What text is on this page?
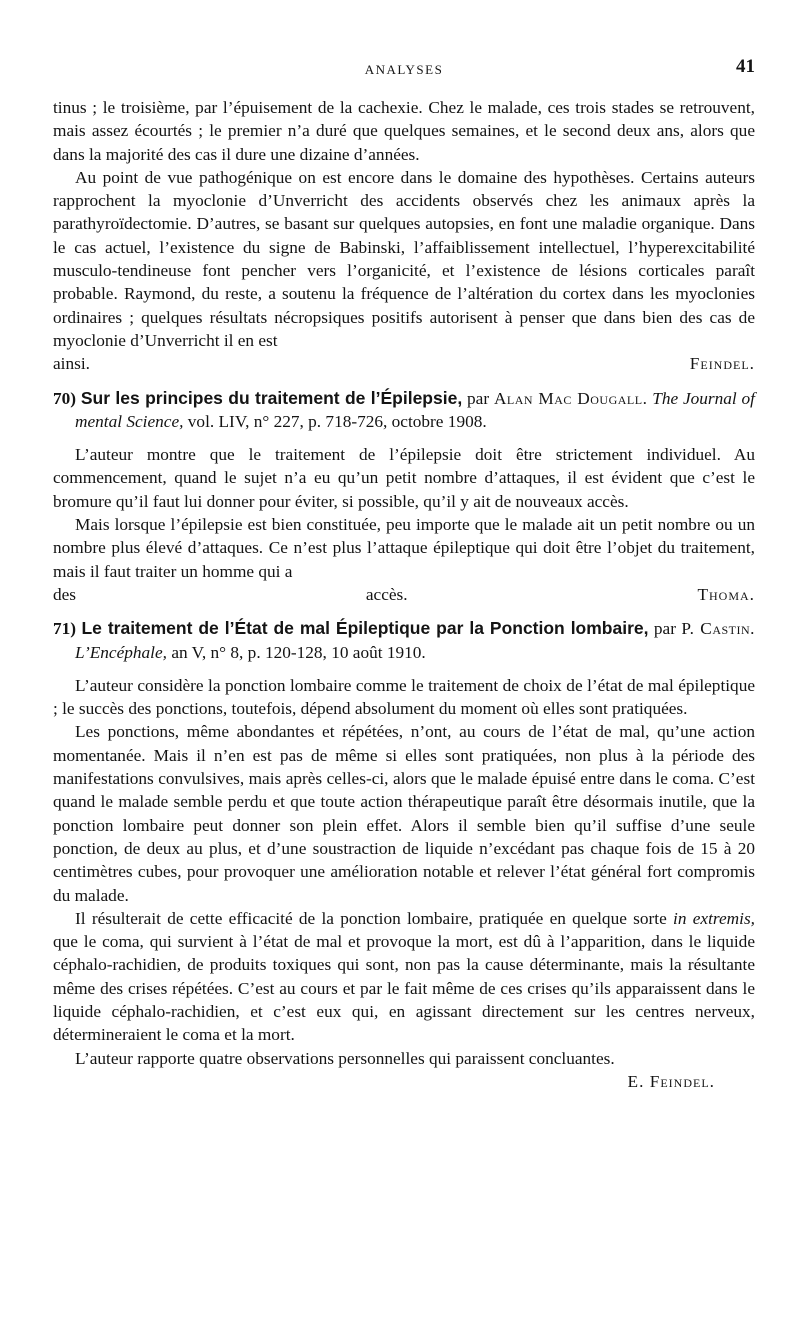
ANALYSES	41

tinus ; le troisième, par l’épuisement de la cachexie. Chez le malade, ces trois stades se retrouvent, mais assez écourtés ; le premier n’a duré que quelques semaines, et le second deux ans, alors que dans la majorité des cas il dure une dizaine d’années.

Au point de vue pathogénique on est encore dans le domaine des hypothèses. Certains auteurs rapprochent la myoclonie d’Unverricht des accidents observés chez les animaux après la parathyroïdectomie. D’autres, se basant sur quelques autopsies, en font une maladie organique. Dans le cas actuel, l’existence du signe de Babinski, l’affaiblissement intellectuel, l’hyperexcitabilité musculo-tendineuse font pencher vers l’organicité, et l’existence de lésions corticales paraît probable. Raymond, du reste, a soutenu la fréquence de l’altération du cortex dans les myoclonies ordinaires ; quelques résultats nécropsiques positifs autorisent à penser que dans bien des cas de myoclonie d’Unverricht il en est

ainsi.	Feindel.

70) Sur les principes du traitement de l’Épilepsie, par Alan Mac Dougall. The Journal of mental Science, vol. LIV, n° 227, p. 718-726, octobre 1908.

L’auteur montre que le traitement de l’épilepsie doit être strictement individuel. Au commencement, quand le sujet n’a eu qu’un petit nombre d’attaques, il est évident que c’est le bromure qu’il faut lui donner pour éviter, si possible, qu’il y ait de nouveaux accès.

Mais lorsque l’épilepsie est bien constituée, peu importe que le malade ait un petit nombre ou un nombre plus élevé d’attaques. Ce n’est plus l’attaque épileptique qui doit être l’objet du traitement, mais il faut traiter un homme qui a

des accès.	Thoma.

71) Le traitement de l’État de mal Épileptique par la Ponction lombaire, par P. Castin. L’Encéphale, an V, n° 8, p. 120-128, 10 août 1910.

L’auteur considère la ponction lombaire comme le traitement de choix de l’état de mal épileptique ; le succès des ponctions, toutefois, dépend absolument du moment où elles sont pratiquées.

Les ponctions, même abondantes et répétées, n’ont, au cours de l’état de mal, qu’une action momentanée. Mais il n’en est pas de même si elles sont pratiquées, non plus à la période des manifestations convulsives, mais après celles-ci, alors que le malade épuisé entre dans le coma. C’est quand le malade semble perdu et que toute action thérapeutique paraît être désormais inutile, que la ponction lombaire peut donner son plein effet. Alors il semble bien qu’il suffise d’une seule ponction, de deux au plus, et d’une soustraction de liquide n’excédant pas chaque fois de 15 à 20 centimètres cubes, pour provoquer une amélioration notable et relever l’état général fort compromis du malade.

Il résulterait de cette efficacité de la ponction lombaire, pratiquée en quelque sorte in extremis, que le coma, qui survient à l’état de mal et provoque la mort, est dû à l’apparition, dans le liquide céphalo-rachidien, de produits toxiques qui sont, non pas la cause déterminante, mais la résultante même des crises répétées. C’est au cours et par le fait même de ces crises qu’ils apparaissent dans le liquide céphalo-rachidien, et c’est eux qui, en agissant directement sur les centres nerveux, détermineraient le coma et la mort.

L’auteur rapporte quatre observations personnelles qui paraissent concluantes.

E. Feindel.
